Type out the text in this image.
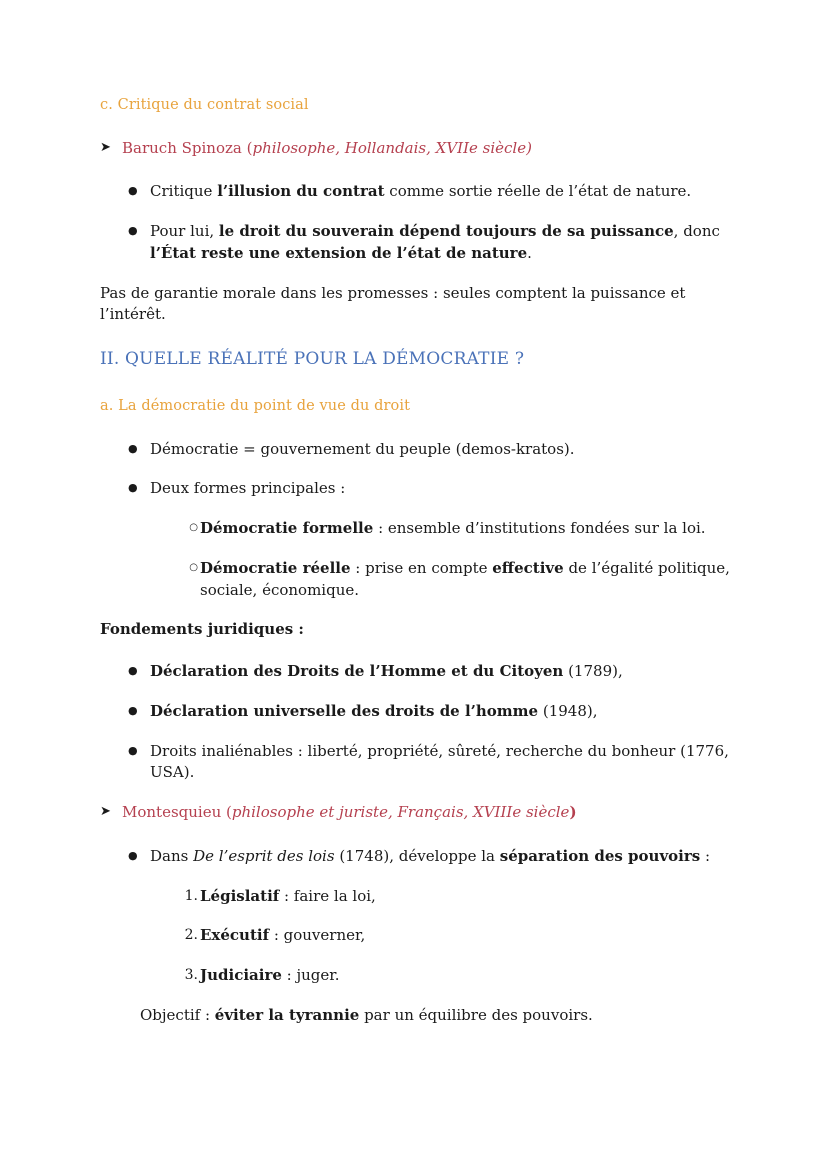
c. Critique du contrat social
➤ Baruch Spinoza (philosophe, Hollandais, XVIIe siècle)
● Critique l’illusion du contrat comme sortie réelle de l’état de nature.
● Pour lui, le droit du souverain dépend toujours de sa puissance, donc l’État reste une extension de l’état de nature.
Pas de garantie morale dans les promesses : seules comptent la puissance et l’intérêt.
II. QUELLE RÉALITÉ POUR LA DÉMOCRATIE ?
a. La démocratie du point de vue du droit
● Démocratie = gouvernement du peuple (demos-kratos).
● Deux formes principales :
○ Démocratie formelle : ensemble d’institutions fondées sur la loi.
○ Démocratie réelle : prise en compte effective de l’égalité politique, sociale, économique.
Fondements juridiques :
● Déclaration des Droits de l’Homme et du Citoyen (1789),
● Déclaration universelle des droits de l’homme (1948),
● Droits inaliénables : liberté, propriété, sûreté, recherche du bonheur (1776, USA).
➤ Montesquieu (philosophe et juriste, Français, XVIIIe siècle)
● Dans De l’esprit des lois (1748), développe la séparation des pouvoirs :
1. Législatif : faire la loi,
2. Exécutif : gouverner,
3. Judiciaire : juger.
Objectif : éviter la tyrannie par un équilibre des pouvoirs.
